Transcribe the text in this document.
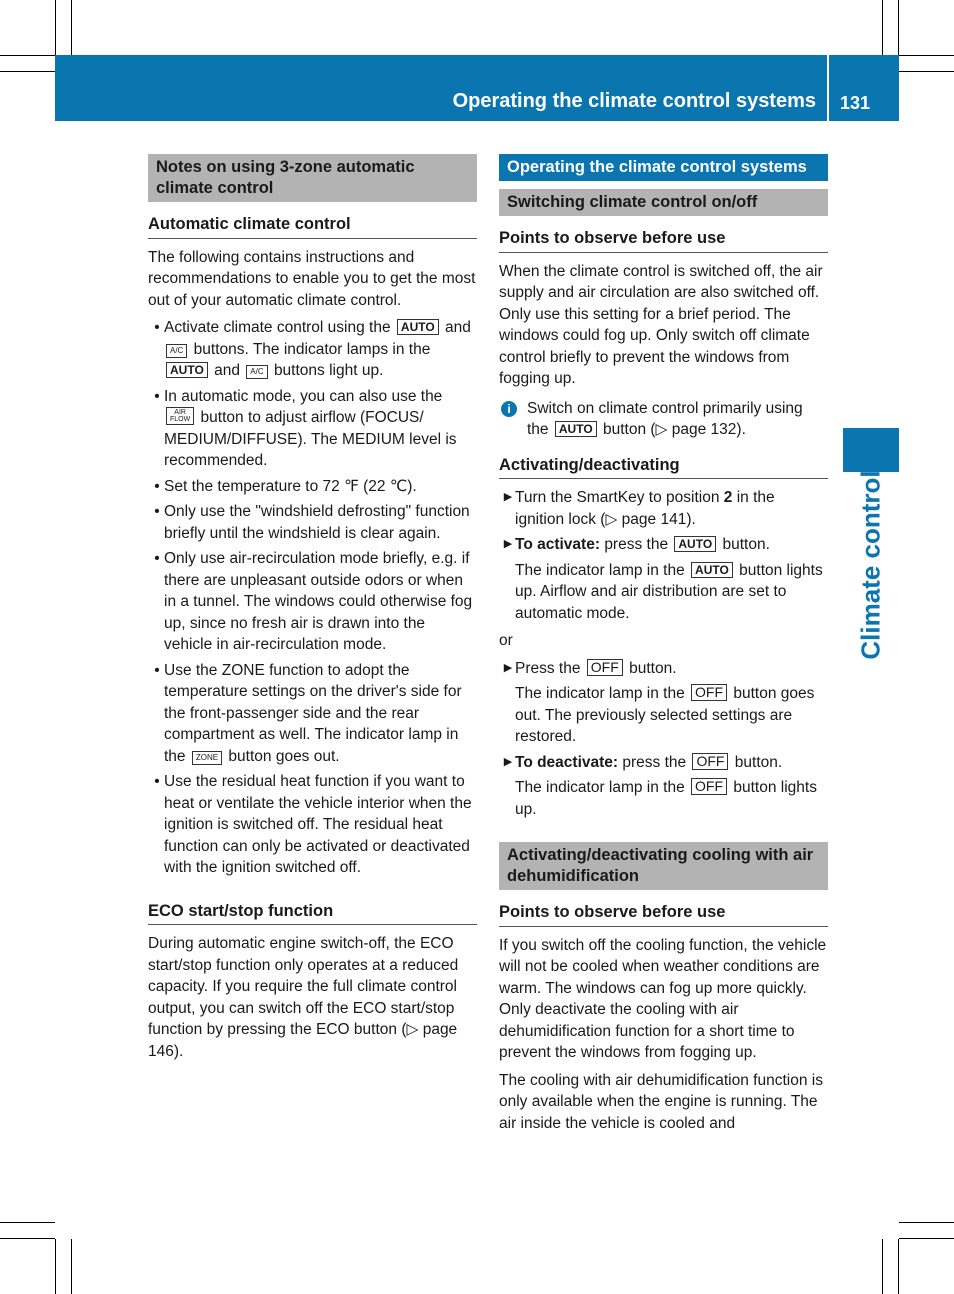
Operating the climate control systems 131
Climate control
Notes on using 3-zone automatic climate control
Automatic climate control

The following contains instructions and recommendations to enable you to get the most out of your automatic climate control.

• Activate climate control using the AUTO and A/C buttons. The indicator lamps in the AUTO and A/C buttons light up.
• In automatic mode, you can also use the AIR
FLOW button to adjust airflow (FOCUS/ MEDIUM/DIFFUSE). The MEDIUM level is recommended.
• Set the temperature to 72 ℉ (22 ℃).
• Only use the "windshield defrosting" function briefly until the windshield is clear again.
• Only use air-recirculation mode briefly, e.g. if there are unpleasant outside odors or when in a tunnel. The windows could otherwise fog up, since no fresh air is drawn into the vehicle in air-recirculation mode.
• Use the ZONE function to adopt the temperature settings on the driver's side for the front-passenger side and the rear compartment as well. The indicator lamp in the ZONE button goes out.
• Use the residual heat function if you want to heat or ventilate the vehicle interior when the ignition is switched off. The residual heat function can only be activated or deactivated with the ignition switched off.
ECO start/stop function

During automatic engine switch-off, the ECO start/stop function only operates at a reduced capacity. If you require the full climate control output, you can switch off the ECO start/stop function by pressing the ECO button (▷ page 146).

Operating the climate control systems
Switching climate control on/off
Points to observe before use

When the climate control is switched off, the air supply and air circulation are also switched off. Only use this setting for a brief period. The windows could fog up. Only switch off climate control briefly to prevent the windows from fogging up.

i	Switch on climate control primarily using the AUTO button (▷ page 132).
Activating/deactivating
▶ Turn the SmartKey to position 2 in the ignition lock (▷ page 141).
▶ To activate: press the AUTO button.
The indicator lamp in the AUTO button lights up. Airflow and air distribution are set to automatic mode.
or
▶ Press the OFF button.
The indicator lamp in the OFF button goes out. The previously selected settings are restored.
▶ To deactivate: press the OFF button.
The indicator lamp in the OFF button lights up.
Activating/deactivating cooling with air dehumidification
Points to observe before use

If you switch off the cooling function, the vehicle will not be cooled when weather conditions are warm. The windows can fog up more quickly. Only deactivate the cooling with air dehumidification function for a short time to prevent the windows from fogging up.

The cooling with air dehumidification function is only available when the engine is running. The air inside the vehicle is cooled and
